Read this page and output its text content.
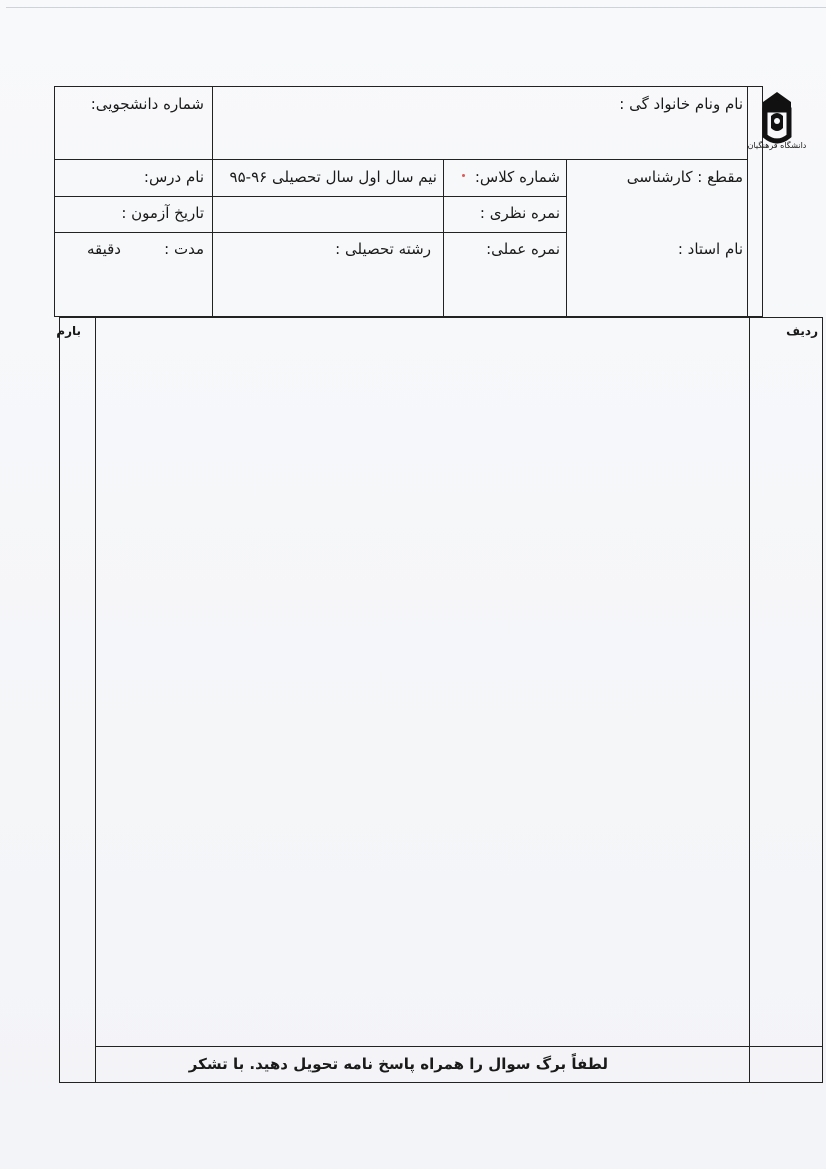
دانشگاه فرهنگیان
نام ونام خانواد گی :
شماره دانشجویی:
مقطع : کارشناسی
شماره کلاس:
نیم سال اول سال تحصیلی ۹۶-۹۵
نام درس:
نمره نظری :
تاریخ آزمون :
نام استاد :
نمره عملی:
رشته تحصیلی :
مدت :
دقیقه
ردیف
بارم
لطفاً برگ سوال را همراه پاسخ نامه تحویل دهید. با تشکر
